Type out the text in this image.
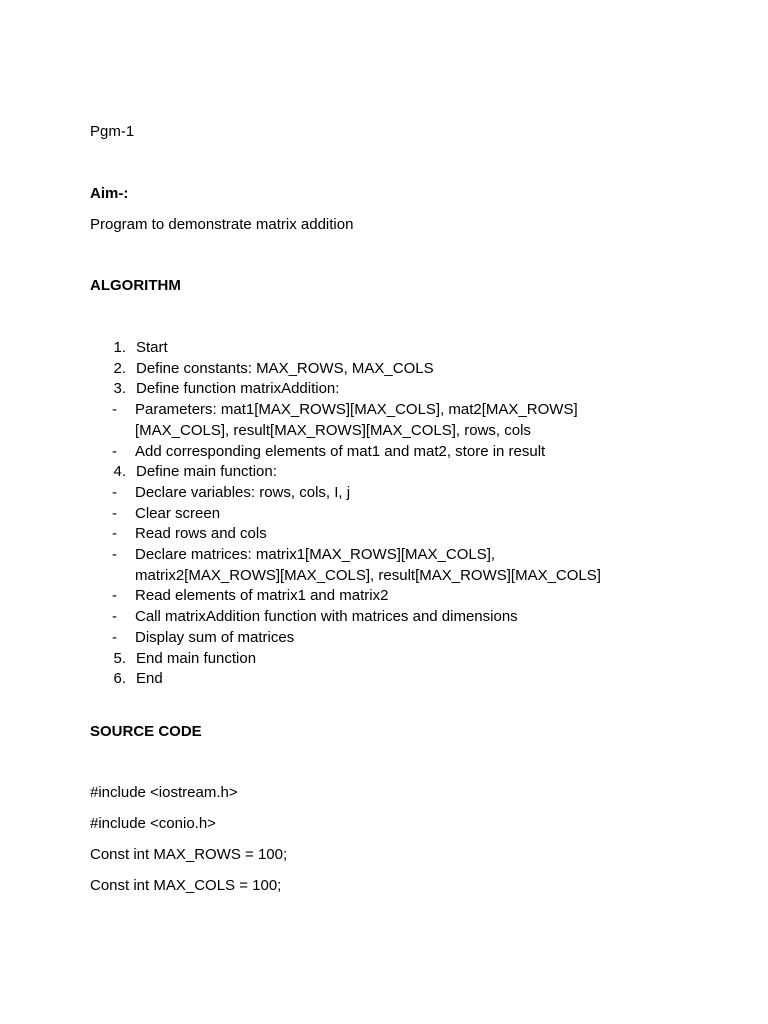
Pgm-1
Aim-:
Program to demonstrate matrix addition
ALGORITHM
1. Start
2. Define constants: MAX_ROWS, MAX_COLS
3. Define function matrixAddition:
- Parameters: mat1[MAX_ROWS][MAX_COLS], mat2[MAX_ROWS][MAX_COLS], result[MAX_ROWS][MAX_COLS], rows, cols
- Add corresponding elements of mat1 and mat2, store in result
4. Define main function:
- Declare variables: rows, cols, I, j
- Clear screen
- Read rows and cols
- Declare matrices: matrix1[MAX_ROWS][MAX_COLS], matrix2[MAX_ROWS][MAX_COLS], result[MAX_ROWS][MAX_COLS]
- Read elements of matrix1 and matrix2
- Call matrixAddition function with matrices and dimensions
- Display sum of matrices
5. End main function
6. End
SOURCE CODE
#include <iostream.h>
#include <conio.h>
Const int MAX_ROWS = 100;
Const int MAX_COLS = 100;
